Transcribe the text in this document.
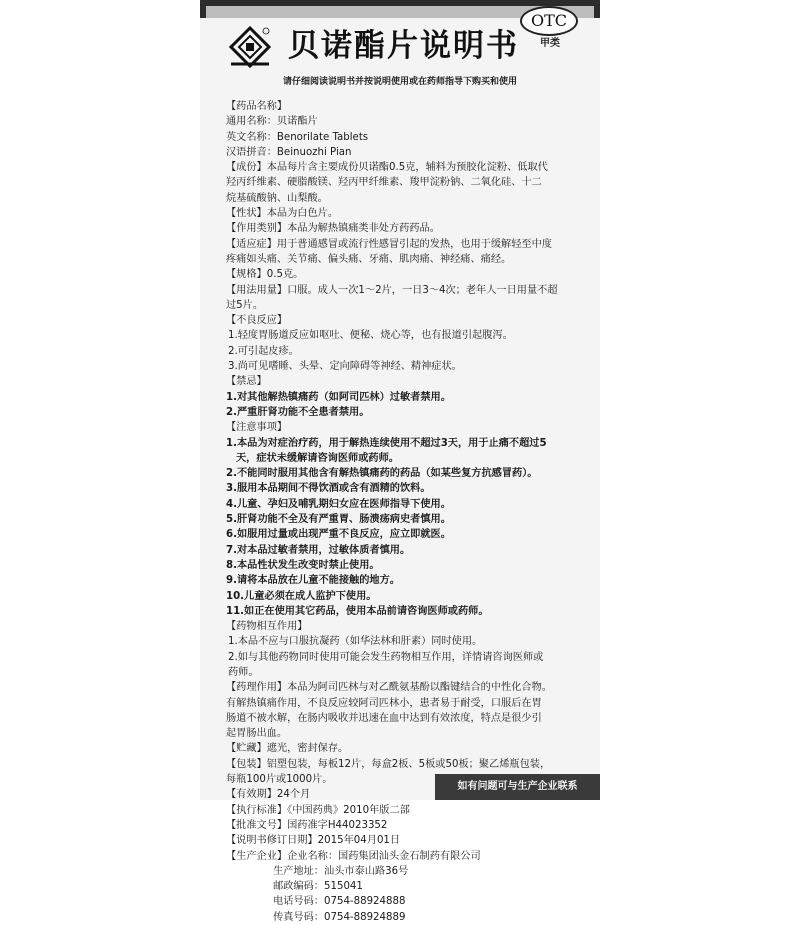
贝诺酯片说明书
OTC
甲类
请仔细阅读说明书并按说明使用或在药师指导下购买和使用
【药品名称】
通用名称：贝诺酯片
英文名称：Benorilate Tablets
汉语拼音：Beinuozhi Pian
【成份】本品每片含主要成份贝诺酯0.5克，辅料为预胶化淀粉、低取代
羟丙纤维素、硬脂酸镁、羟丙甲纤维素、羧甲淀粉钠、二氧化硅、十二
烷基硫酸钠、山梨酸。
【性状】本品为白色片。
【作用类别】本品为解热镇痛类非处方药药品。
【适应症】用于普通感冒或流行性感冒引起的发热，也用于缓解轻至中度
疼痛如头痛、关节痛、偏头痛、牙痛、肌肉痛、神经痛、痛经。
【规格】0.5克。
【用法用量】口服。成人一次1～2片，一日3～4次；老年人一日用量不超
过5片。
【不良反应】
1.轻度胃肠道反应如呕吐、便秘、烧心等，也有报道引起腹泻。
2.可引起皮疹。
3.尚可见嗜睡、头晕、定向障碍等神经、精神症状。
【禁忌】
1.对其他解热镇痛药（如阿司匹林）过敏者禁用。
2.严重肝肾功能不全患者禁用。
【注意事项】
1.本品为对症治疗药，用于解热连续使用不超过3天，用于止痛不超过5
天，症状未缓解请咨询医师或药师。
2.不能同时服用其他含有解热镇痛药的药品（如某些复方抗感冒药）。
3.服用本品期间不得饮酒或含有酒精的饮料。
4.儿童、孕妇及哺乳期妇女应在医师指导下使用。
5.肝肾功能不全及有严重胃、肠溃疡病史者慎用。
6.如服用过量或出现严重不良反应，应立即就医。
7.对本品过敏者禁用，过敏体质者慎用。
8.本品性状发生改变时禁止使用。
9.请将本品放在儿童不能接触的地方。
10.儿童必须在成人监护下使用。
11.如正在使用其它药品，使用本品前请咨询医师或药师。
【药物相互作用】
1.本品不应与口服抗凝药（如华法林和肝素）同时使用。
2.如与其他药物同时使用可能会发生药物相互作用，详情请咨询医师或
药师。
【药理作用】本品为阿司匹林与对乙酰氨基酚以酯键结合的中性化合物。
有解热镇痛作用，不良反应较阿司匹林小，患者易于耐受，口服后在胃
肠道不被水解，在肠内吸收并迅速在血中达到有效浓度，特点是很少引
起胃肠出血。
【贮藏】遮光，密封保存。
【包装】铝塑包装，每板12片，每盒2板、5板或50板；聚乙烯瓶包装，
每瓶100片或1000片。
【有效期】24个月
【执行标准】《中国药典》2010年版二部
【批准文号】国药准字H44023352
【说明书修订日期】2015年04月01日
【生产企业】企业名称：国药集团汕头金石制药有限公司
生产地址：汕头市泰山路36号
邮政编码：515041
电话号码：0754-88924888
传真号码：0754-88924889
如有问题可与生产企业联系
